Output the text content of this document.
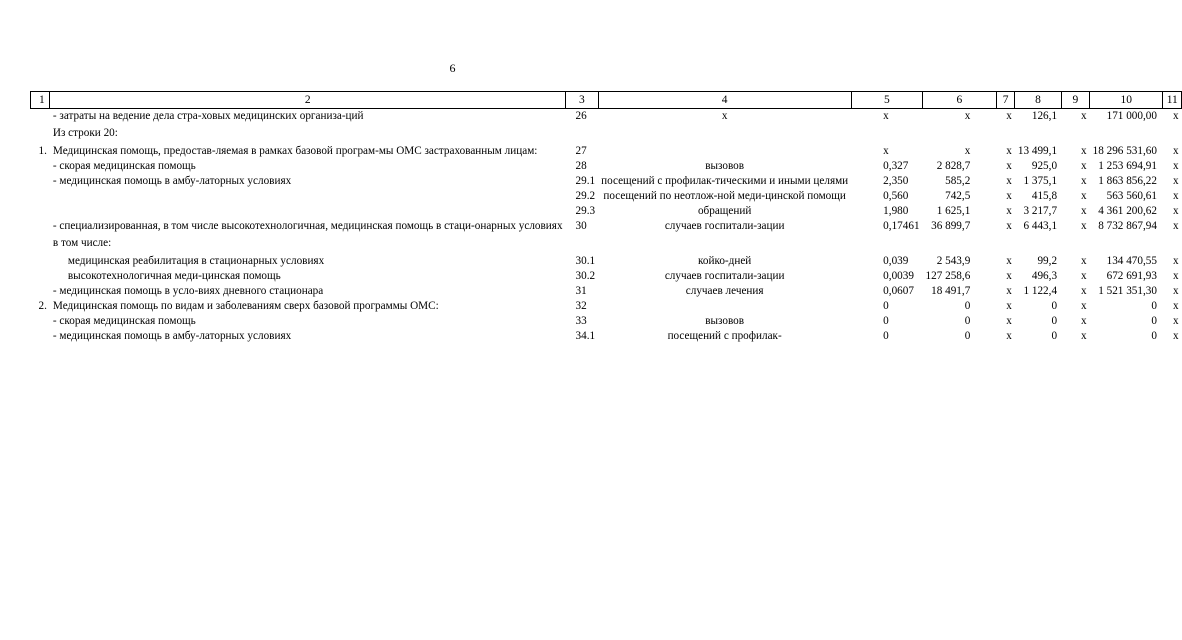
6
1	2	3	4	5	6	7	8	9	10	11
	- затраты на ведение дела стра-ховых медицинских организа-ций	26	х	х	х	х	126,1	х	171 000,00	х
	Из строки 20:									
1.	Медицинская помощь, предостав-ляемая в рамках базовой програм-мы ОМС застрахованным лицам:	27		х	х	х	13 499,1	х	18 296 531,60	х
	- скорая медицинская помощь	28	вызовов	0,327	2 828,7	х	925,0	х	1 253 694,91	х
	- медицинская помощь в амбу-латорных условиях	29.1	посещений с профилак-тическими и иными целями	2,350	585,2	х	1 375,1	х	1 863 856,22	х
		29.2	посещений по неотлож-ной меди-цинской помощи	0,560	742,5	х	415,8	х	563 560,61	х
		29.3	обращений	1,980	1 625,1	х	3 217,7	х	4 361 200,62	х
	- специализированная, в том числе высокотехнологичная, медицинская помощь в стаци-онарных условиях	30	случаев госпитали-зации	0,17461	36 899,7	х	6 443,1	х	8 732 867,94	х
	в том числе:									
	медицинская реабилитация в стационарных условиях	30.1	койко-дней	0,039	2 543,9	х	99,2	х	134 470,55	х
	высокотехнологичная меди-цинская помощь	30.2	случаев госпитали-зации	0,0039	127 258,6	х	496,3	х	672 691,93	х
	- медицинская помощь в усло-виях дневного стационара	31	случаев лечения	0,0607	18 491,7	х	1 122,4	х	1 521 351,30	х
2.	Медицинская помощь по видам и заболеваниям сверх базовой программы ОМС:	32		0	0	х	0	х	0	х
	- скорая медицинская помощь	33	вызовов	0	0	х	0	х	0	х
	- медицинская помощь в амбу-латорных условиях	34.1	посещений с профилак-	0	0	х	0	х	0	х
